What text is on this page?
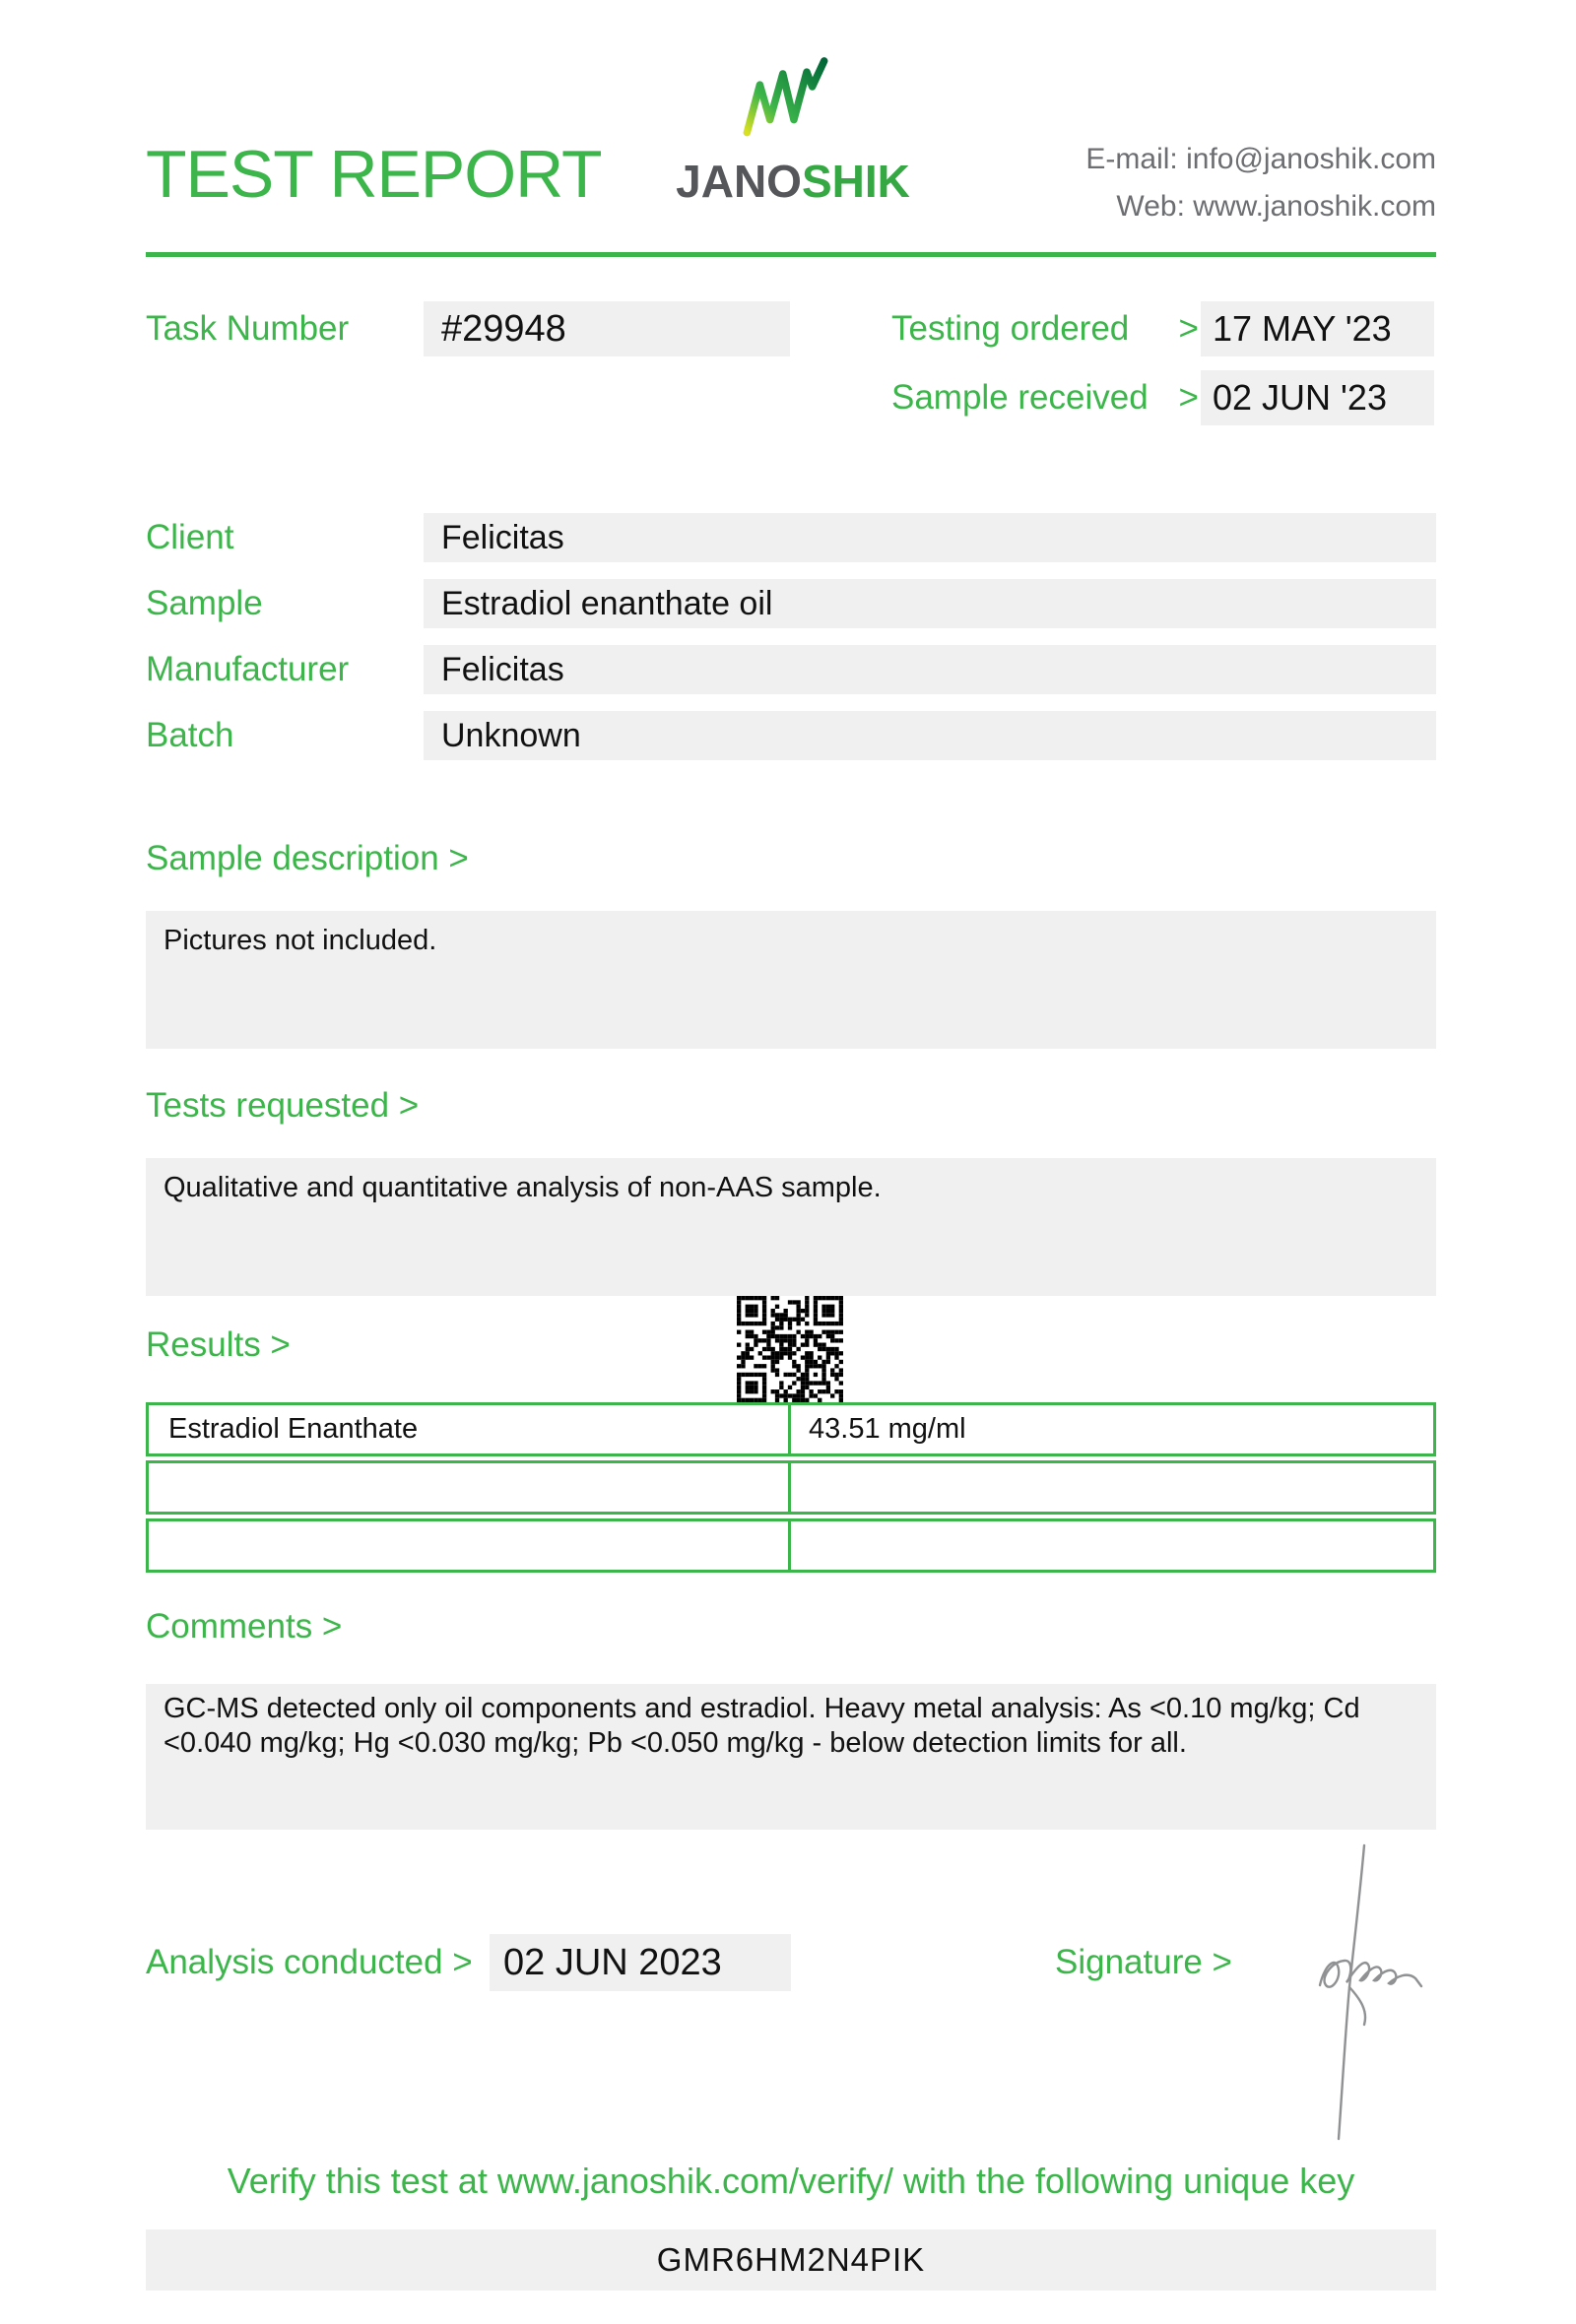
TEST REPORT JANOSHIK	E-mail: info@janoshik.com
Web: www.janoshik.com
Task Number	#29948	Testing ordered > 17 MAY '23
Sample received > 02 JUN '23
Client	Felicitas
Sample	Estradiol enanthate oil
Manufacturer	Felicitas
Batch	Unknown
Sample description >
Pictures not included.
Tests requested >
Qualitative and quantitative analysis of non-AAS sample.
Results >
Estradiol Enanthate	43.51 mg/ml
Comments >
GC-MS detected only oil components and estradiol. Heavy metal analysis: As <0.10 mg/kg; Cd <0.040 mg/kg; Hg <0.030 mg/kg; Pb <0.050 mg/kg - below detection limits for all.
Analysis conducted > 02 JUN 2023	Signature >
Verify this test at www.janoshik.com/verify/ with the following unique key
GMR6HM2N4PIK
